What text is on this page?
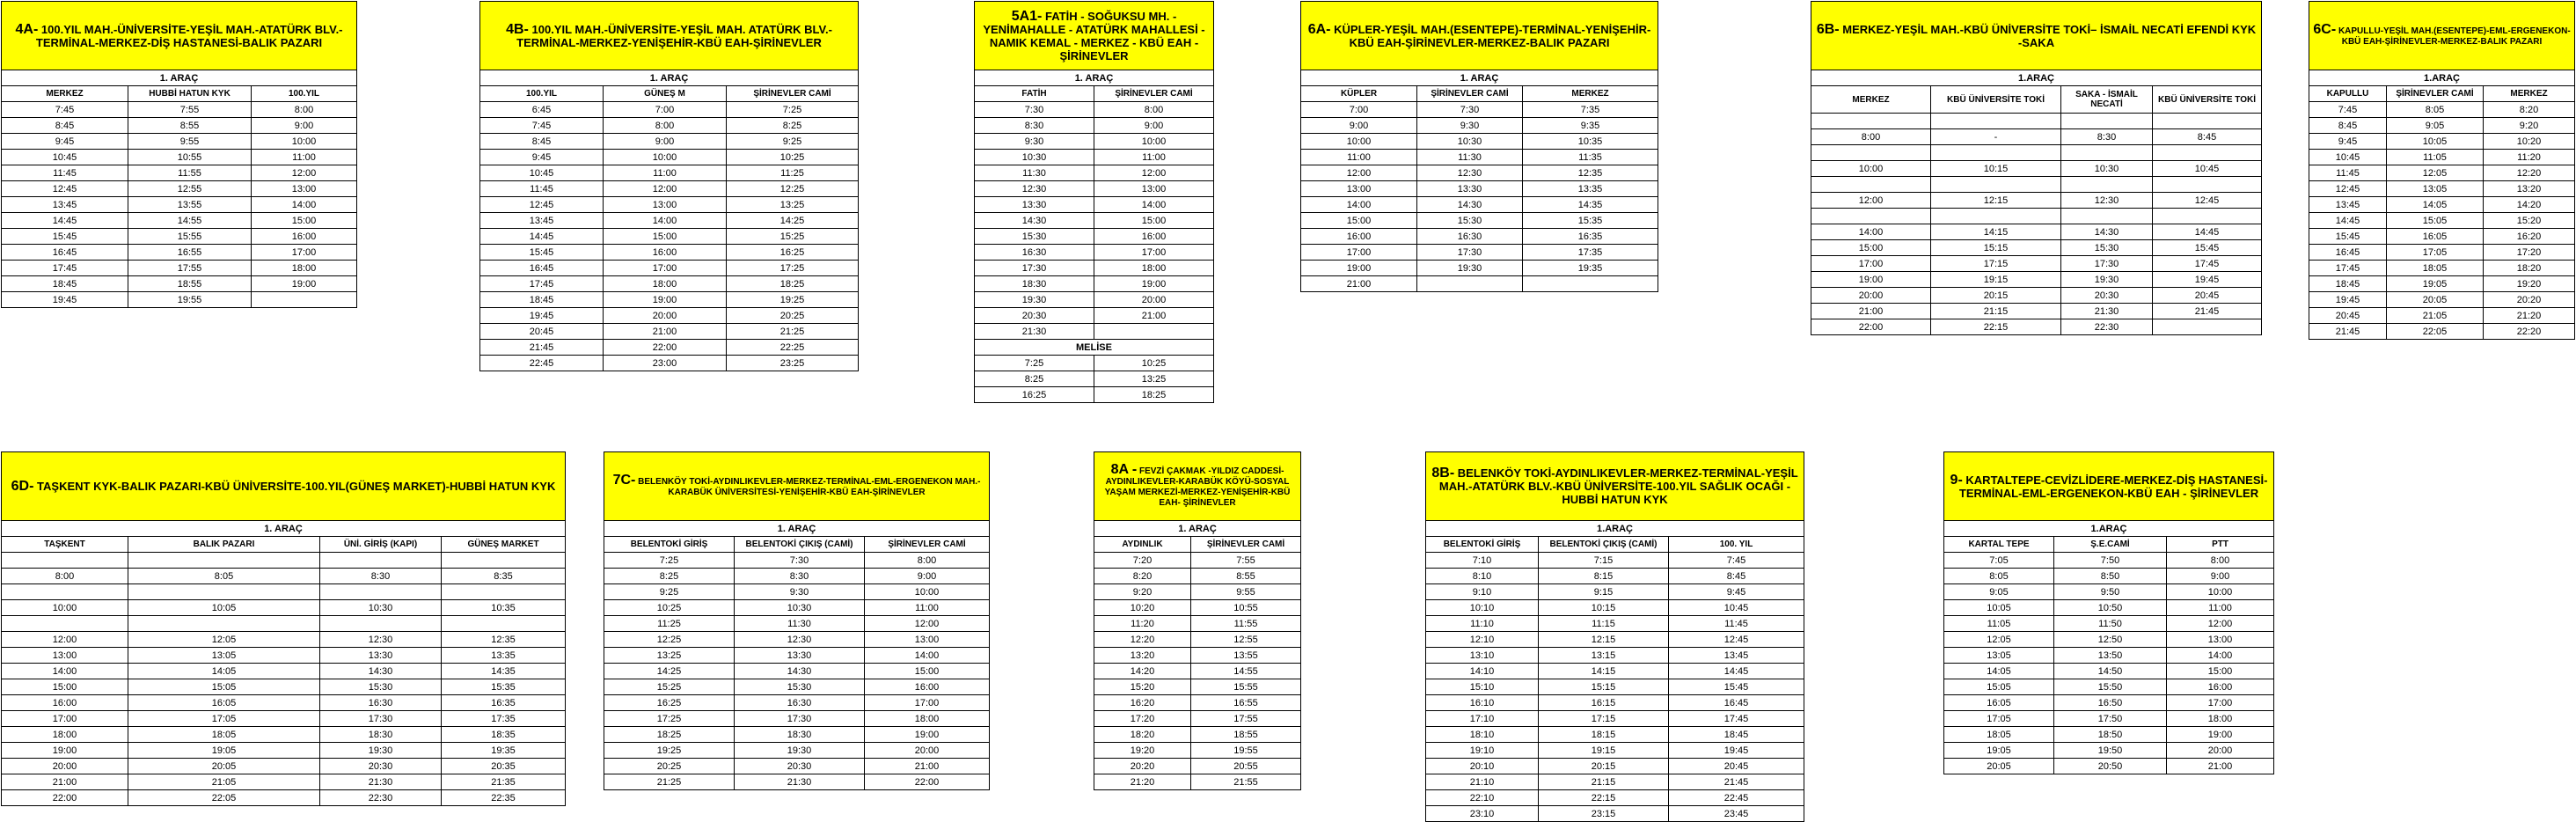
4A- 100.YIL MAH.-ÜNİVERSİTE-YEŞİL MAH.-ATATÜRK BLV.-TERMİNAL-MERKEZ-DİŞ HASTANESİ-BALIK PAZARI		
1. ARAÇ		
MERKEZ	HUBBİ HATUN KYK	100.YIL
7:45	7:55	8:00
8:45	8:55	9:00
9:45	9:55	10:00
10:45	10:55	11:00
11:45	11:55	12:00
12:45	12:55	13:00
13:45	13:55	14:00
14:45	14:55	15:00
15:45	15:55	16:00
16:45	16:55	17:00
17:45	17:55	18:00
18:45	18:55	19:00
19:45	19:55	
4B- 100.YIL MAH.-ÜNİVERSİTE-YEŞİL MAH. ATATÜRK BLV.-TERMİNAL-MERKEZ-YENİŞEHİR-KBÜ EAH-ŞİRİNEVLER		
1. ARAÇ		
100.YIL	GÜNEŞ M	ŞİRİNEVLER CAMİ
6:45	7:00	7:25
7:45	8:00	8:25
8:45	9:00	9:25
9:45	10:00	10:25
10:45	11:00	11:25
11:45	12:00	12:25
12:45	13:00	13:25
13:45	14:00	14:25
14:45	15:00	15:25
15:45	16:00	16:25
16:45	17:00	17:25
17:45	18:00	18:25
18:45	19:00	19:25
19:45	20:00	20:25
20:45	21:00	21:25
21:45	22:00	22:25
22:45	23:00	23:25
5A1- FATİH - SOĞUKSU MH. - YENİMAHALLE - ATATÜRK MAHALLESİ - NAMIK KEMAL - MERKEZ - KBÜ EAH - ŞİRİNEVLER	
1. ARAÇ	
FATİH	ŞİRİNEVLER CAMİ
7:30	8:00
8:30	9:00
9:30	10:00
10:30	11:00
11:30	12:00
12:30	13:00
13:30	14:00
14:30	15:00
15:30	16:00
16:30	17:00
17:30	18:00
18:30	19:00
19:30	20:00
20:30	21:00
21:30	
MELİSE	
7:25	10:25
8:25	13:25
16:25	18:25
6A- KÜPLER-YEŞİL MAH.(ESENTEPE)-TERMİNAL-YENİŞEHİR-KBÜ EAH-ŞİRİNEVLER-MERKEZ-BALIK PAZARI		
1. ARAÇ		
KÜPLER	ŞİRİNEVLER CAMİ	MERKEZ
7:00	7:30	7:35
9:00	9:30	9:35
10:00	10:30	10:35
11:00	11:30	11:35
12:00	12:30	12:35
13:00	13:30	13:35
14:00	14:30	14:35
15:00	15:30	15:35
16:00	16:30	16:35
17:00	17:30	17:35
19:00	19:30	19:35
21:00		
6B- MERKEZ-YEŞİL MAH.-KBÜ ÜNİVERSİTE TOKİ– İSMAİL NECATİ EFENDİ KYK -SAKA			
1.ARAÇ			
MERKEZ	KBÜ ÜNİVERSİTE TOKİ	SAKA - İSMAİL NECATİ	KBÜ ÜNİVERSİTE TOKİ

8:00	-	8:30	8:45

10:00	10:15	10:30	10:45

12:00	12:15	12:30	12:45

14:00	14:15	14:30	14:45
15:00	15:15	15:30	15:45
17:00	17:15	17:30	17:45
19:00	19:15	19:30	19:45
20:00	20:15	20:30	20:45
21:00	21:15	21:30	21:45
22:00	22:15	22:30	
6C- KAPULLU-YEŞİL MAH.(ESENTEPE)-EML-ERGENEKON-KBÜ EAH-ŞİRİNEVLER-MERKEZ-BALIK PAZARI		
1.ARAÇ		
KAPULLU	ŞİRİNEVLER CAMİ	MERKEZ
7:45	8:05	8:20
8:45	9:05	9:20
9:45	10:05	10:20
10:45	11:05	11:20
11:45	12:05	12:20
12:45	13:05	13:20
13:45	14:05	14:20
14:45	15:05	15:20
15:45	16:05	16:20
16:45	17:05	17:20
17:45	18:05	18:20
18:45	19:05	19:20
19:45	20:05	20:20
20:45	21:05	21:20
21:45	22:05	22:20
6D- TAŞKENT KYK-BALIK PAZARI-KBÜ ÜNİVERSİTE-100.YIL(GÜNEŞ MARKET)-HUBBİ HATUN KYK			
1. ARAÇ			
TAŞKENT	BALIK PAZARI	ÜNİ. GİRİŞ (KAPI)	GÜNEŞ MARKET

8:00	8:05	8:30	8:35

10:00	10:05	10:30	10:35

12:00	12:05	12:30	12:35
13:00	13:05	13:30	13:35
14:00	14:05	14:30	14:35
15:00	15:05	15:30	15:35
16:00	16:05	16:30	16:35
17:00	17:05	17:30	17:35
18:00	18:05	18:30	18:35
19:00	19:05	19:30	19:35
20:00	20:05	20:30	20:35
21:00	21:05	21:30	21:35
22:00	22:05	22:30	22:35
7C- BELENKÖY TOKİ-AYDINLIKEVLER-MERKEZ-TERMİNAL-EML-ERGENEKON MAH.-KARABÜK ÜNİVERSİTESİ-YENİŞEHİR-KBÜ EAH-ŞİRİNEVLER		
1. ARAÇ		
BELENTOKİ GİRİŞ	BELENTOKİ ÇIKIŞ (CAMİ)	ŞİRİNEVLER CAMİ
7:25	7:30	8:00
8:25	8:30	9:00
9:25	9:30	10:00
10:25	10:30	11:00
11:25	11:30	12:00
12:25	12:30	13:00
13:25	13:30	14:00
14:25	14:30	15:00
15:25	15:30	16:00
16:25	16:30	17:00
17:25	17:30	18:00
18:25	18:30	19:00
19:25	19:30	20:00
20:25	20:30	21:00
21:25	21:30	22:00
8A - FEVZİ ÇAKMAK -YILDIZ CADDESİ-AYDINLIKEVLER-KARABÜK KÖYÜ-SOSYAL YAŞAM MERKEZİ-MERKEZ-YENİŞEHİR-KBÜ EAH- ŞİRİNEVLER	
1. ARAÇ	
AYDINLIK	ŞİRİNEVLER CAMİ
7:20	7:55
8:20	8:55
9:20	9:55
10:20	10:55
11:20	11:55
12:20	12:55
13:20	13:55
14:20	14:55
15:20	15:55
16:20	16:55
17:20	17:55
18:20	18:55
19:20	19:55
20:20	20:55
21:20	21:55
8B- BELENKÖY TOKİ-AYDINLIKEVLER-MERKEZ-TERMİNAL-YEŞİL MAH.-ATATÜRK BLV.-KBÜ ÜNİVERSİTE-100.YIL SAĞLIK OCAĞI - HUBBİ HATUN KYK		
1.ARAÇ		
BELENTOKİ GİRİŞ	BELENTOKİ ÇIKIŞ (CAMİ)	100. YIL
7:10	7:15	7:45
8:10	8:15	8:45
9:10	9:15	9:45
10:10	10:15	10:45
11:10	11:15	11:45
12:10	12:15	12:45
13:10	13:15	13:45
14:10	14:15	14:45
15:10	15:15	15:45
16:10	16:15	16:45
17:10	17:15	17:45
18:10	18:15	18:45
19:10	19:15	19:45
20:10	20:15	20:45
21:10	21:15	21:45
22:10	22:15	22:45
23:10	23:15	23:45
9- KARTALTEPE-CEVİZLİDERE-MERKEZ-DİŞ HASTANESİ-TERMİNAL-EML-ERGENEKON-KBÜ EAH - ŞİRİNEVLER		
1.ARAÇ		
KARTAL TEPE	Ş.E.CAMİ	PTT
7:05	7:50	8:00
8:05	8:50	9:00
9:05	9:50	10:00
10:05	10:50	11:00
11:05	11:50	12:00
12:05	12:50	13:00
13:05	13:50	14:00
14:05	14:50	15:00
15:05	15:50	16:00
16:05	16:50	17:00
17:05	17:50	18:00
18:05	18:50	19:00
19:05	19:50	20:00
20:05	20:50	21:00
